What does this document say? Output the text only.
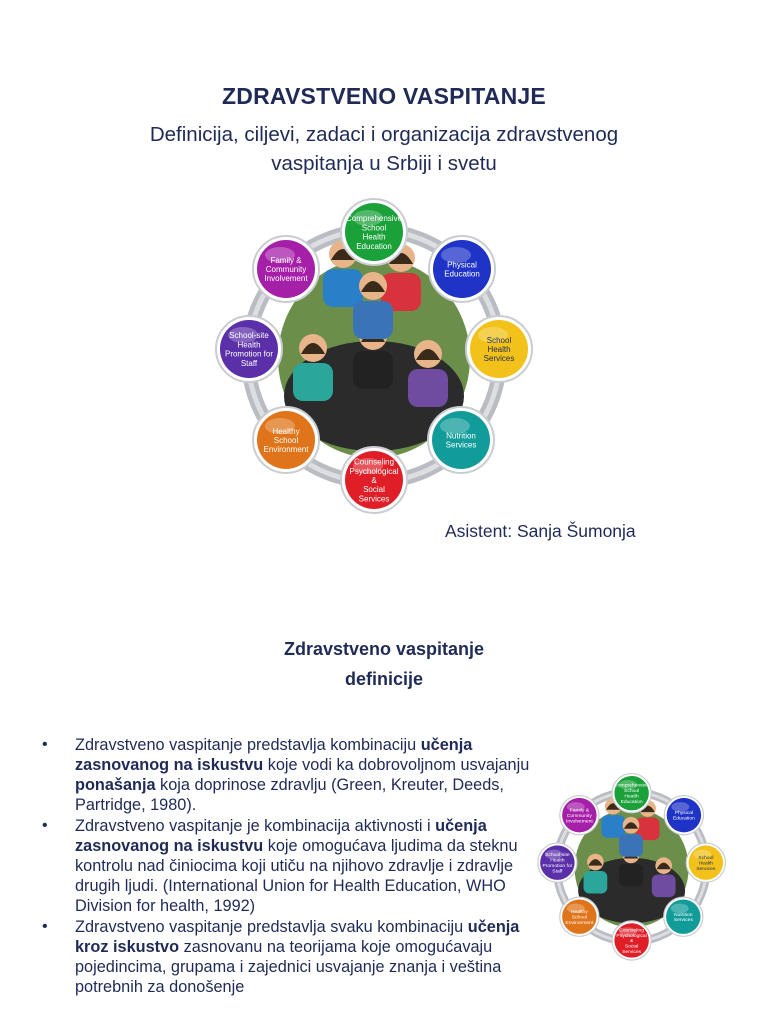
ZDRAVSTVENO VASPITANJE
Definicija, ciljevi, zadaci i organizacija zdravstvenog
vaspitanja u Srbiji i svetu
Asistent: Sanja Šumonja
Comprehensive
School
Health
Education
Physical
Education
School
Health
Services
Nutrition
Services
Counseling
Psychological
&
Social
Services
Healthy
School
Environment
School-site
Health
Promotion for
Staff
Family &
Community
Involvement
Zdravstveno vaspitanje
definicije
• Zdravstveno vaspitanje predstavlja kombinaciju učenja zasnovanog na iskustvu koje vodi ka dobrovoljnom usvajanju ponašanja koja doprinose zdravlju (Green, Kreuter, Deeds, Partridge, 1980).
• Zdravstveno vaspitanje je kombinacija aktivnosti i učenja zasnovanog na iskustvu koje omogućava ljudima da steknu kontrolu nad činiocima koji utiču na njihovo zdravlje i zdravlje drugih ljudi. (International Union for Health Education, WHO Division for health, 1992)
• Zdravstveno vaspitanje predstavlja svaku kombinaciju učenja kroz iskustvo zasnovanu na teorijama koje omogućavaju pojedincima, grupama i zajednici usvajanje znanja i veština potrebnih za donošenje
Comprehensive
School
Health
Education
Physical
Education
School
Health
Services
Nutrition
Services
Counseling
Psychological
&
Social
Services
Healthy
School
Environment
School-site
Health
Promotion for
Staff
Family &
Community
Involvement
